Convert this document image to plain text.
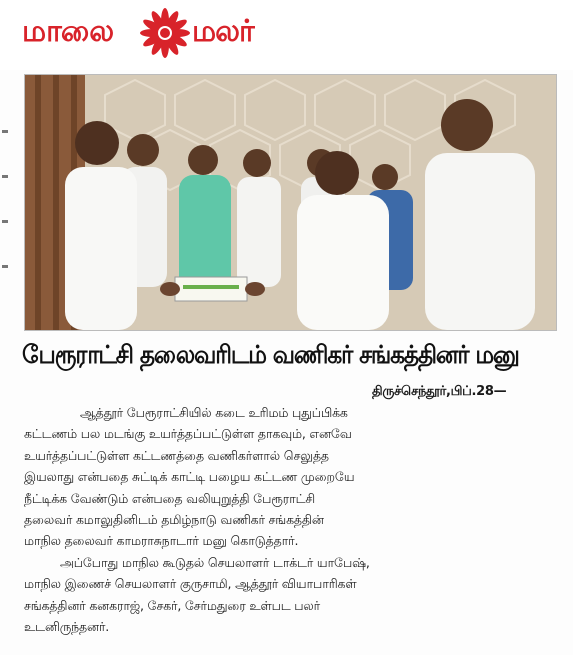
மாலை	மலர்
பேரூராட்சி தலைவரிடம் வணிகர் சங்கத்தினர் மனு
திருச்செந்தூர்,பிப்.28—
ஆத்தூர் பேரூராட்சியில் கடை உரிமம் புதுப்பிக்க
கட்டணம் பல மடங்கு உயர்த்தப்பட்டுள்ள தாகவும், எனவே
உயர்த்தப்பட்டுள்ள கட்டணத்தை வணிகர்ளால் செலுத்த
இயலாது என்பதை சுட்டிக் காட்டி பழைய கட்டண முறையே
நீட்டிக்க வேண்டும் என்பதை வலியுறுத்தி பேரூராட்சி
தலைவர் கமாலுதினிடம் தமிழ்நாடு வணிகர் சங்கத்தின்
மாநில தலைவர் காமராசுநாடார் மனு கொடுத்தார்.
அப்போது மாநில கூடுதல் செயலாளர் டாக்டர் யாபேஷ்,
மாநில இணைச் செயலாளர் குருசாமி, ஆத்தூர் வியாபாரிகள்
சங்கத்தினர் கனகராஜ், சேகர், சேர்மதுரை உள்பட பலர்
உடனிருந்தனர்.
